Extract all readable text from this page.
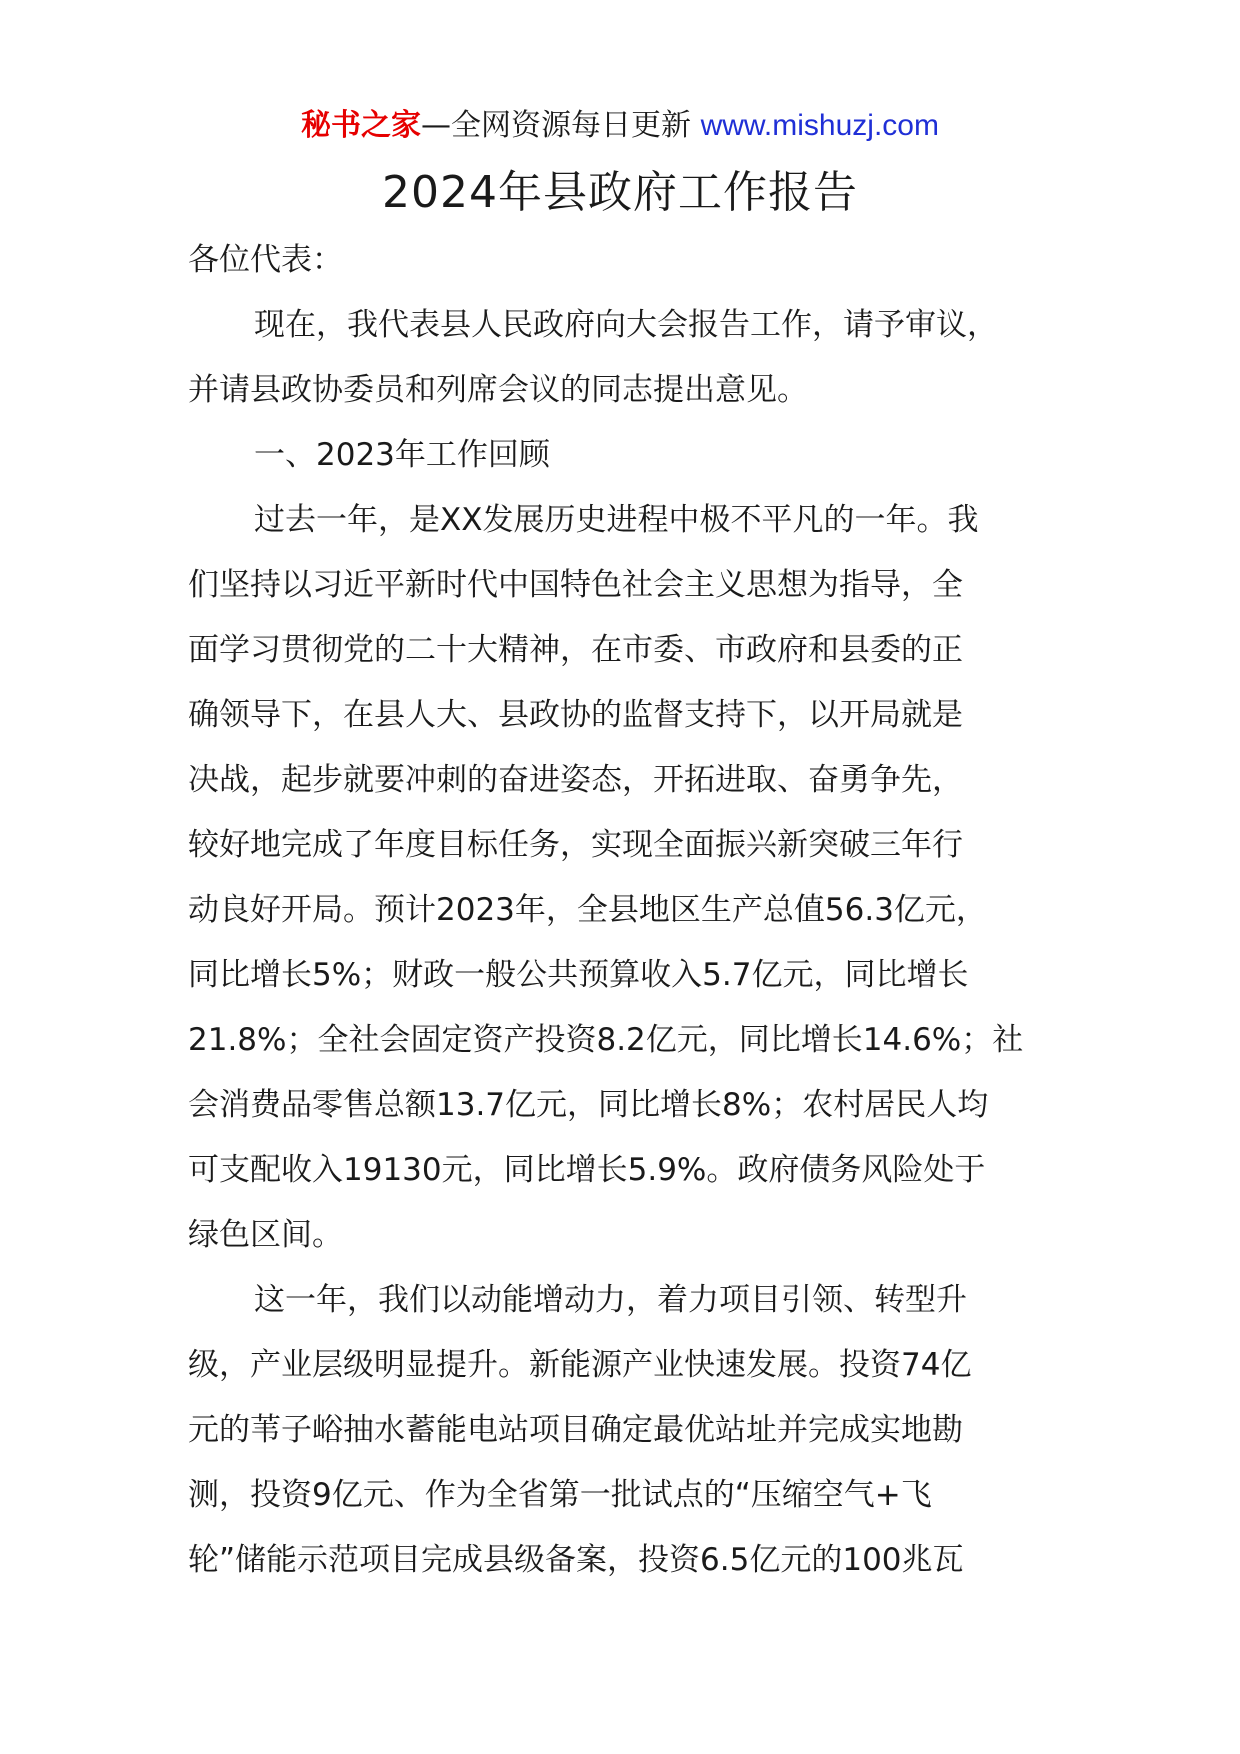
秘书之家—全网资源每日更新 www.mishuzj.com
2024年县政府工作报告
各位代表：
现在，我代表县人民政府向大会报告工作，请予审议，
并请县政协委员和列席会议的同志提出意见。
一、2023年工作回顾
过去一年，是XX发展历史进程中极不平凡的一年。我
们坚持以习近平新时代中国特色社会主义思想为指导，全
面学习贯彻党的二十大精神，在市委、市政府和县委的正
确领导下，在县人大、县政协的监督支持下，以开局就是
决战，起步就要冲刺的奋进姿态，开拓进取、奋勇争先，
较好地完成了年度目标任务，实现全面振兴新突破三年行
动良好开局。预计2023年，全县地区生产总值56.3亿元，
同比增长5%；财政一般公共预算收入5.7亿元，同比增长
21.8%；全社会固定资产投资8.2亿元，同比增长14.6%；社
会消费品零售总额13.7亿元，同比增长8%；农村居民人均
可支配收入19130元，同比增长5.9%。政府债务风险处于
绿色区间。
这一年，我们以动能增动力，着力项目引领、转型升
级，产业层级明显提升。新能源产业快速发展。投资74亿
元的苇子峪抽水蓄能电站项目确定最优站址并完成实地勘
测，投资9亿元、作为全省第一批试点的“压缩空气+飞
轮”储能示范项目完成县级备案，投资6.5亿元的100兆瓦
